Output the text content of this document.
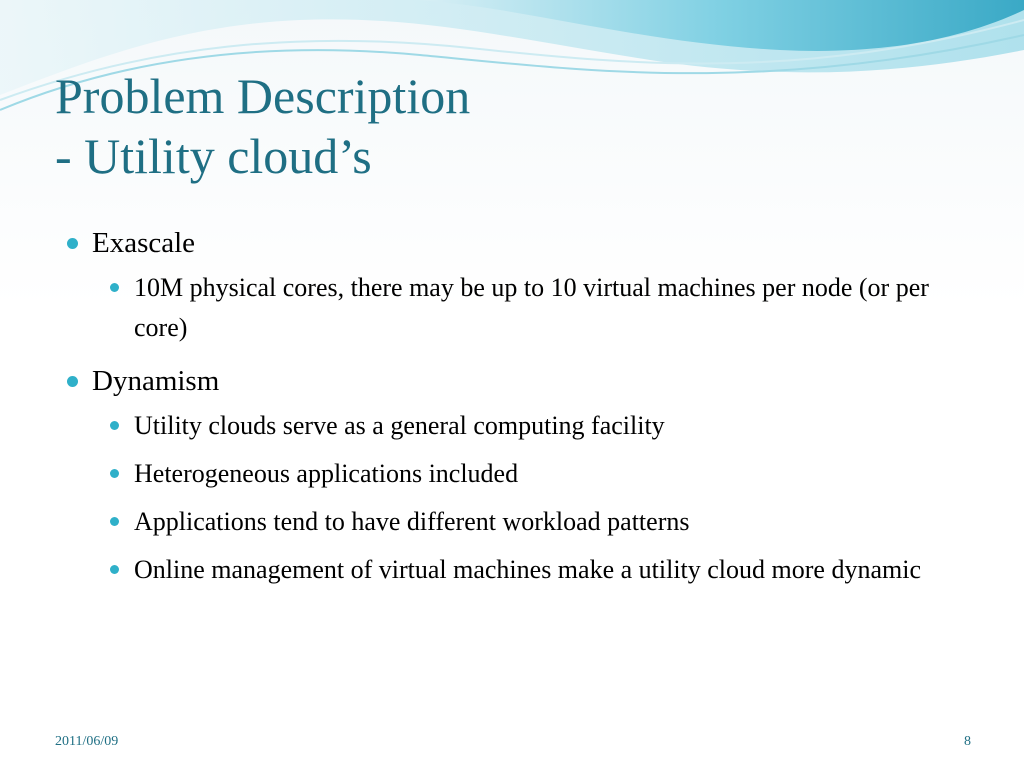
Problem Description
- Utility cloud’s
Exascale
10M physical cores, there may be up to 10 virtual machines per node (or per core)
Dynamism
Utility clouds serve as a general computing facility
Heterogeneous applications included
Applications tend to have different workload patterns
Online management of virtual machines make a utility cloud more dynamic
2011/06/09	8
